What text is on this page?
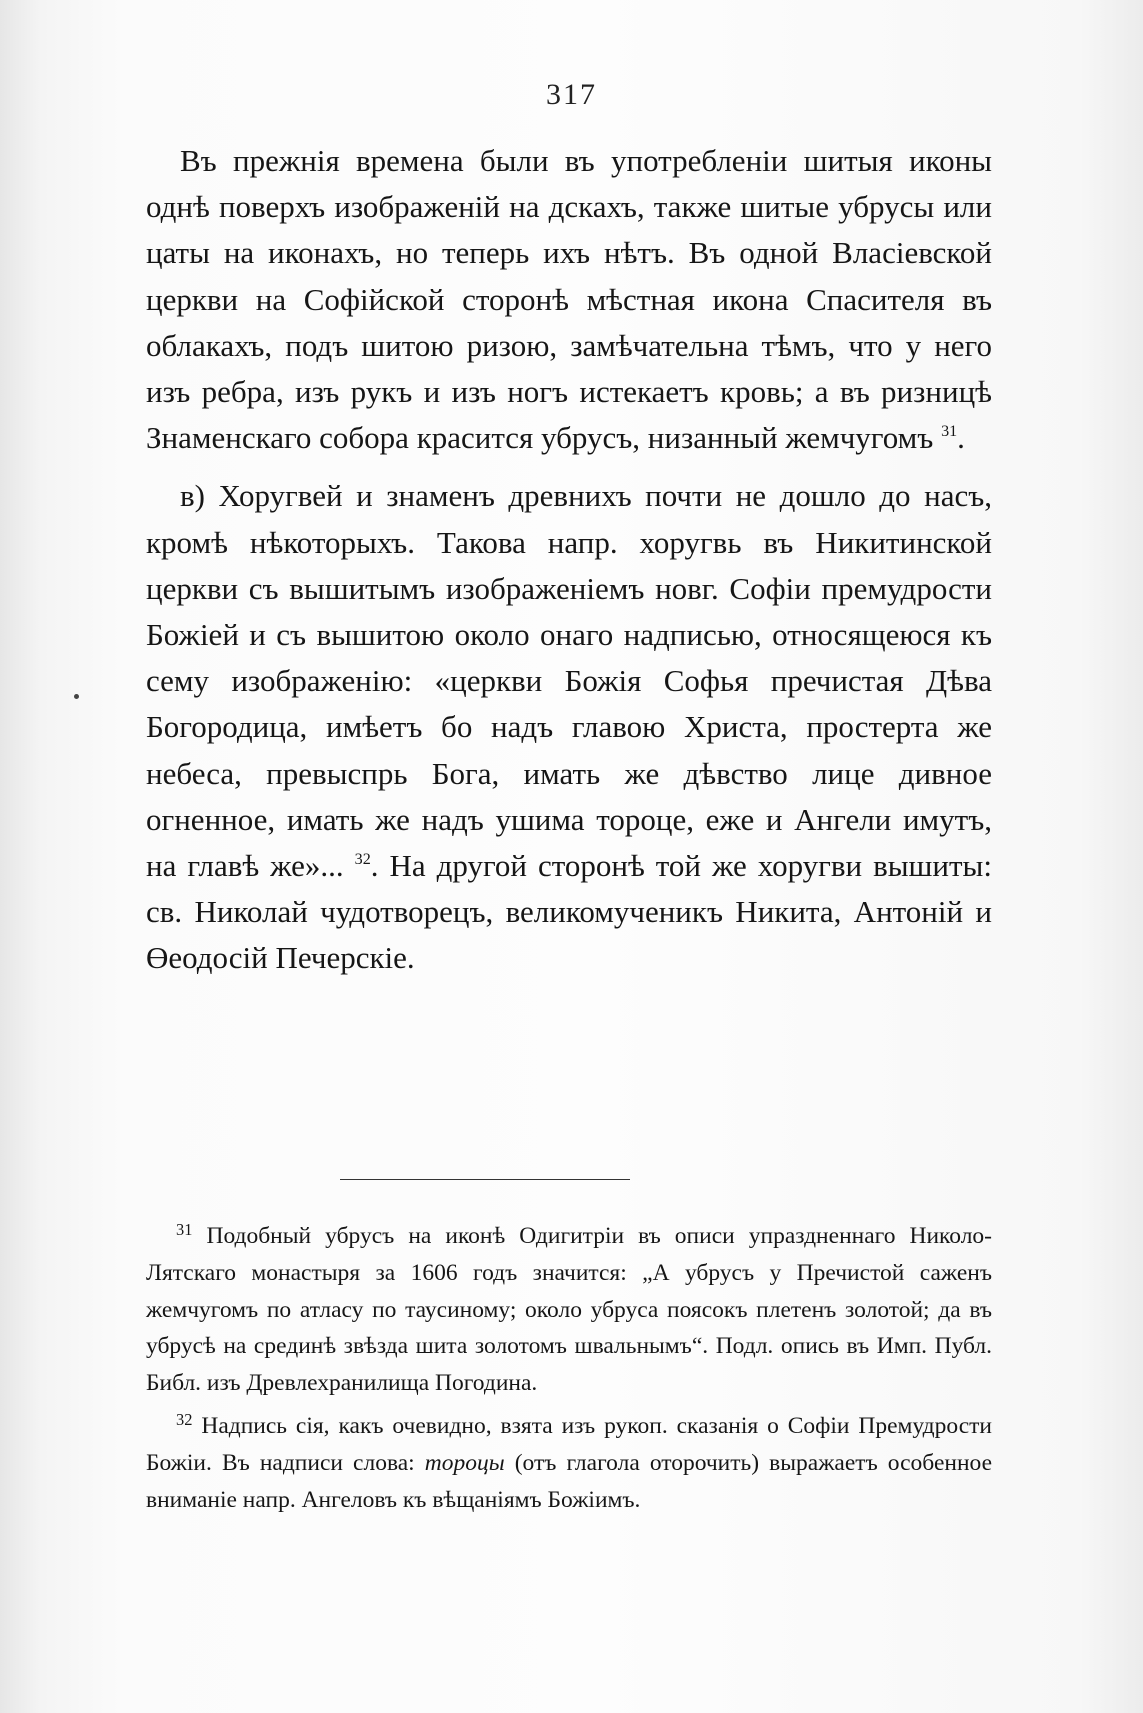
317

Въ прежнія времена были въ употребленіи шитыя иконы однѣ поверхъ изображеній на дскахъ, также шитые убрусы или цаты на иконахъ, но теперь ихъ нѣтъ. Въ одной Власіевской церкви на Софійской сторонѣ мѣстная икона Спасителя въ облакахъ, подъ шитою ризою, замѣчательна тѣмъ, что у него изъ ребра, изъ рукъ и изъ ногъ истекаетъ кровь; а въ ризницѣ Знаменскаго собора красится убрусъ, низанный жемчугомъ $^{31}$.

в) Хоругвей и знаменъ древнихъ почти не дошло до насъ, кромѣ нѣкоторыхъ. Такова напр. хоругвь въ Никитинской церкви съ вышитымъ изображеніемъ новг. Софіи премудрости Божіей и съ вышитою около онаго надписью, относящеюся къ сему изображенію: «церкви Божія Софья пречистая Дѣва Богородица, имѣетъ бо надъ главою Христа, простерта же небеса, превыспрь Бога, имать же дѣвство лице дивное огненное, имать же надъ ушима тороце, еже и Ангели имутъ, на главѣ же»... $^{32}$. На другой сторонѣ той же хоругви вышиты: св. Николай чудотворецъ, великомученикъ Никита, Антоній и Өеодосій Печерскіе.

$^{31}$ Подобный убрусъ на иконѣ Одигитріи въ описи упраздненнаго Николо-Лятскаго монастыря за 1606 годъ значится: „А убрусъ у Пречистой саженъ жемчугомъ по атласу по таусиному; около убруса поясокъ плетенъ золотой; да въ убрусѣ на срединѣ звѣзда шита золотомъ швальнымъ“. Подл. опись въ Имп. Публ. Библ. изъ Древлехранилища Погодина.

$^{32}$ Надпись сія, какъ очевидно, взята изъ рукоп. сказанія о Софіи Премудрости Божіи. Въ надписи слова: тороцы (отъ глагола оторочить) выражаетъ особенное вниманіе напр. Ангеловъ къ вѣщаніямъ Божіимъ.
